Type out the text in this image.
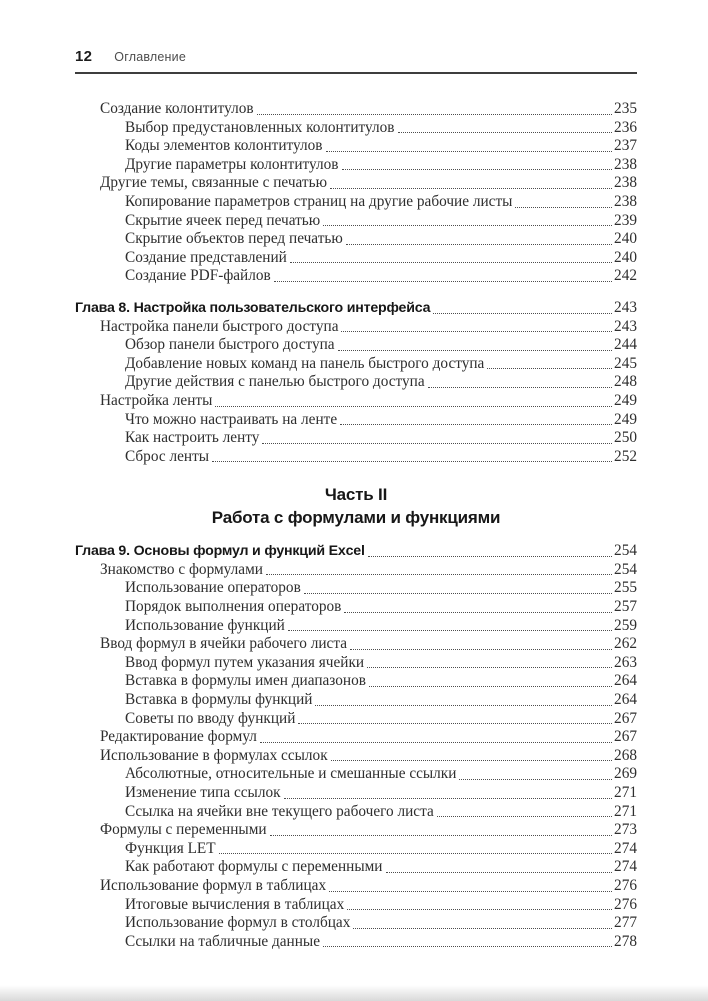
12 Оглавление
Создание колонтитулов	235
Выбор предустановленных колонтитулов	236
Коды элементов колонтитулов	237
Другие параметры колонтитулов	238
Другие темы, связанные с печатью	238
Копирование параметров страниц на другие рабочие листы	238
Скрытие ячеек перед печатью	239
Скрытие объектов перед печатью	240
Создание представлений	240
Создание PDF-файлов	242
Глава 8. Настройка пользовательского интерфейса	243
Настройка панели быстрого доступа	243
Обзор панели быстрого доступа	244
Добавление новых команд на панель быстрого доступа	245
Другие действия с панелью быстрого доступа	248
Настройка ленты	249
Что можно настраивать на ленте	249
Как настроить ленту	250
Сброс ленты	252
Часть II
Работа с формулами и функциями
Глава 9. Основы формул и функций Excel	254
Знакомство с формулами	254
Использование операторов	255
Порядок выполнения операторов	257
Использование функций	259
Ввод формул в ячейки рабочего листа	262
Ввод формул путем указания ячейки	263
Вставка в формулы имен диапазонов	264
Вставка в формулы функций	264
Советы по вводу функций	267
Редактирование формул	267
Использование в формулах ссылок	268
Абсолютные, относительные и смешанные ссылки	269
Изменение типа ссылок	271
Ссылка на ячейки вне текущего рабочего листа	271
Формулы с переменными	273
Функция LET	274
Как работают формулы с переменными	274
Использование формул в таблицах	276
Итоговые вычисления в таблицах	276
Использование формул в столбцах	277
Ссылки на табличные данные	278
